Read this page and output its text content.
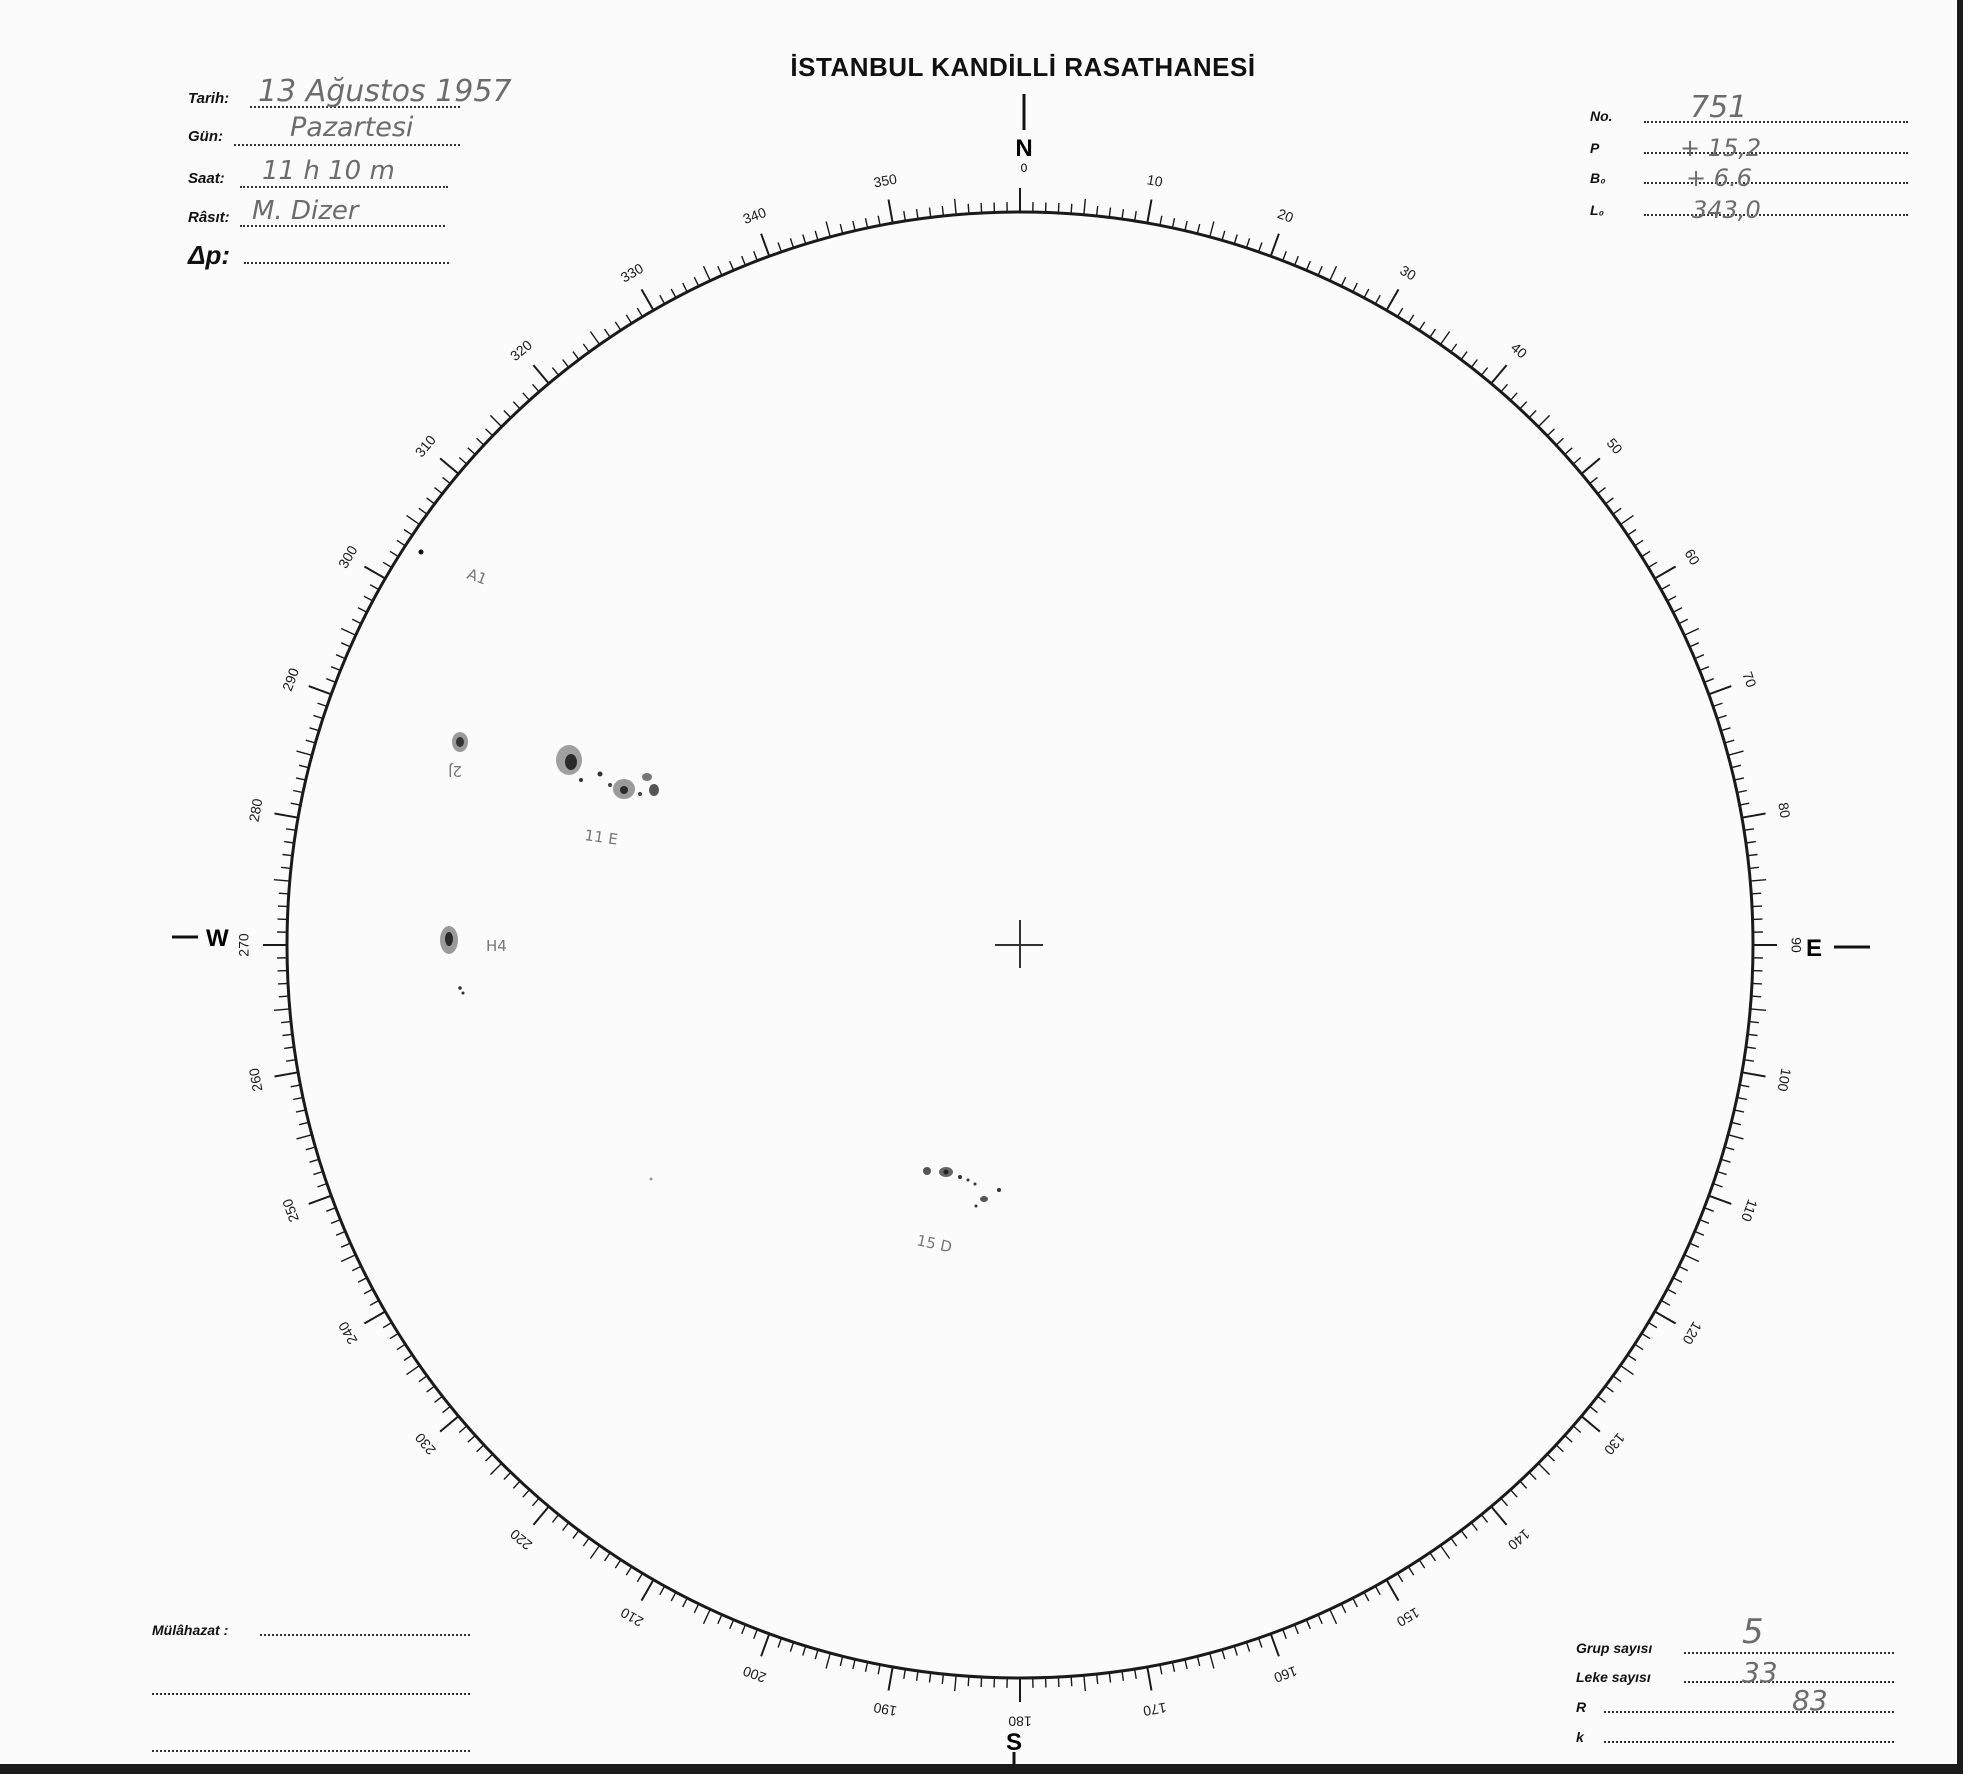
İSTANBUL KANDİLLİ RASATHANESİ
Tarih: 13 Ağustos 1957
Gün: Pazartesi
Saat: 11 h 10 m
Râsıt: M. Dizer
Δp:
No.	751
P	+ 15,2
B₀	+ 6.6
L₀	343,0
10
20
30
40
50
60
70
80
90
100
110
120
130
140
150
160
170
180
190
200
210
220
230
240
250
260
270
280
290
300
310
320
330
340
350
N
0
S
W	E
A1
2J
11 E
H4
15 D
Mülâhazat :
Grup sayısı	5
Leke sayısı	33
R	83
k
